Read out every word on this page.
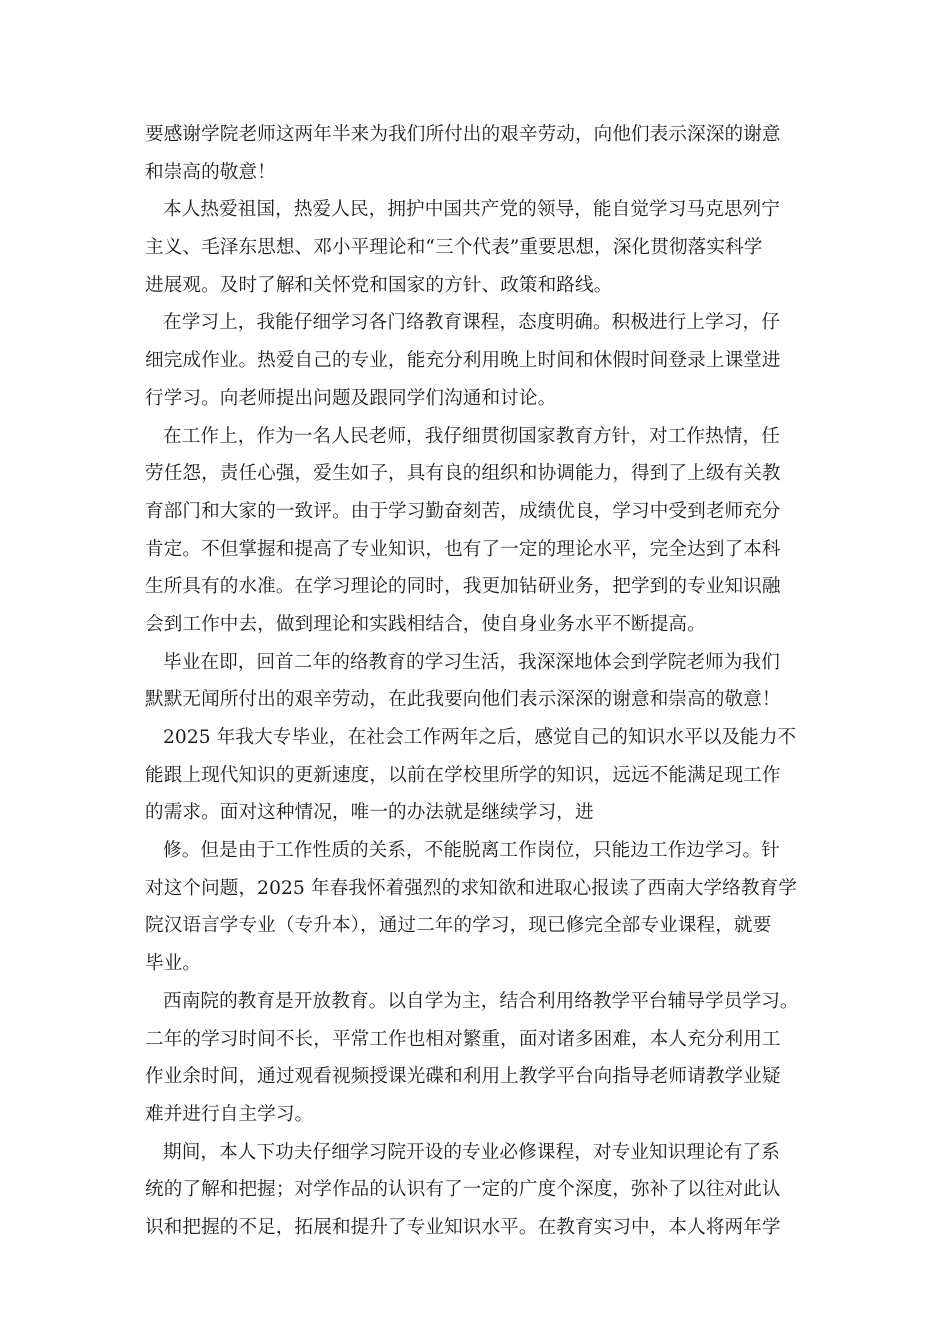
要感谢学院老师这两年半来为我们所付出的艰辛劳动，向他们表示深深的谢意
和崇高的敬意！
本人热爱祖国，热爱人民，拥护中国共产党的领导，能自觉学习马克思列宁
主义、毛泽东思想、邓小平理论和“三个代表”重要思想，深化贯彻落实科学
进展观。及时了解和关怀党和国家的方针、政策和路线。
在学习上，我能仔细学习各门络教育课程，态度明确。积极进行上学习，仔
细完成作业。热爱自己的专业，能充分利用晚上时间和休假时间登录上课堂进
行学习。向老师提出问题及跟同学们沟通和讨论。
在工作上，作为一名人民老师，我仔细贯彻国家教育方针，对工作热情，任
劳任怨，责任心强，爱生如子，具有良的组织和协调能力，得到了上级有关教
育部门和大家的一致评。由于学习勤奋刻苦，成绩优良，学习中受到老师充分
肯定。不但掌握和提高了专业知识，也有了一定的理论水平，完全达到了本科
生所具有的水准。在学习理论的同时，我更加钻研业务，把学到的专业知识融
会到工作中去，做到理论和实践相结合，使自身业务水平不断提高。
毕业在即，回首二年的络教育的学习生活，我深深地体会到学院老师为我们
默默无闻所付出的艰辛劳动，在此我要向他们表示深深的谢意和崇高的敬意！
2025 年我大专毕业，在社会工作两年之后，感觉自己的知识水平以及能力不
能跟上现代知识的更新速度，以前在学校里所学的知识，远远不能满足现工作
的需求。面对这种情况，唯一的办法就是继续学习，进
修。但是由于工作性质的关系，不能脱离工作岗位，只能边工作边学习。针
对这个问题，2025 年春我怀着强烈的求知欲和进取心报读了西南大学络教育学
院汉语言学专业（专升本），通过二年的学习，现已修完全部专业课程，就要
毕业。
西南院的教育是开放教育。以自学为主，结合利用络教学平台辅导学员学习。
二年的学习时间不长，平常工作也相对繁重，面对诸多困难，本人充分利用工
作业余时间，通过观看视频授课光碟和利用上教学平台向指导老师请教学业疑
难并进行自主学习。
期间，本人下功夫仔细学习院开设的专业必修课程，对专业知识理论有了系
统的了解和把握；对学作品的认识有了一定的广度个深度，弥补了以往对此认
识和把握的不足，拓展和提升了专业知识水平。在教育实习中，本人将两年学
